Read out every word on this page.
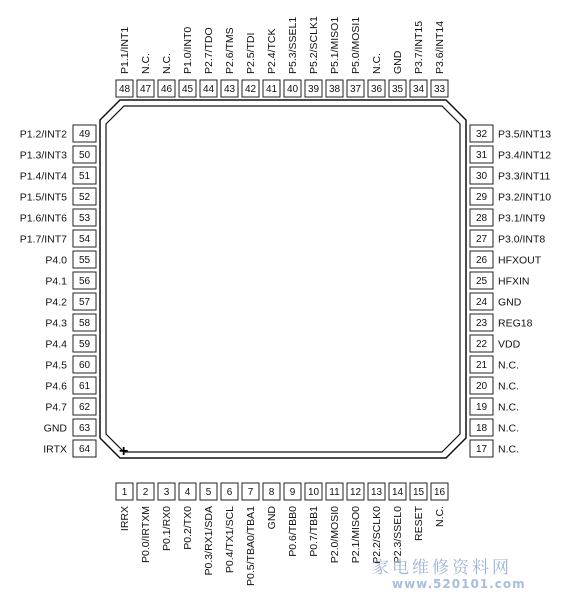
+
48
P1.1/INT1
47
N.C.
46
N.C.
45
P1.0/INT0
44
P2.7/TDO
43
P2.6/TMS
42
P2.5/TDI
41
P2.4/TCK
40
P5.3/SSEL1
39
P5.2/SCLK1
38
P5.1/MISO1
37
P5.0/MOSI1
36
N.C.
35
GND
34
P3.7/INT15
33
P3.6/INT14
49
P1.2/INT2
50
P1.3/INT3
51
P1.4/INT4
52
P1.5/INT5
53
P1.6/INT6
54
P1.7/INT7
55
P4.0
56
P4.1
57
P4.2
58
P4.3
59
P4.4
60
P4.5
61
P4.6
62
P4.7
63
GND
64
IRTX
32 P3.5/INT13
31 P3.4/INT12
30 P3.3/INT11
29 P3.2/INT10
28 P3.1/INT9
27 P3.0/INT8
26 HFXOUT
25 HFXIN
24 GND
23 REG18
22 VDD
21 N.C.
20 N.C.
19 N.C.
18 N.C.
17 N.C.
1
IRRX
2
P0.0/IRTXM
3
P0.1/RX0
4
P0.2/TX0
5
P0.3/RX1/SDA
6
P0.4/TX1/SCL
7
P0.5/TBA0/TBA1
8
GND
9
P0.6/TBB0
10
P0.7/TBB1
11
P2.0/MOSI0
12
P2.1/MISO0
13
P2.2/SCLK0
14
P2.3/SSEL0
15
RESET
16
N.C.
家电维修资料网
www.520101.com
